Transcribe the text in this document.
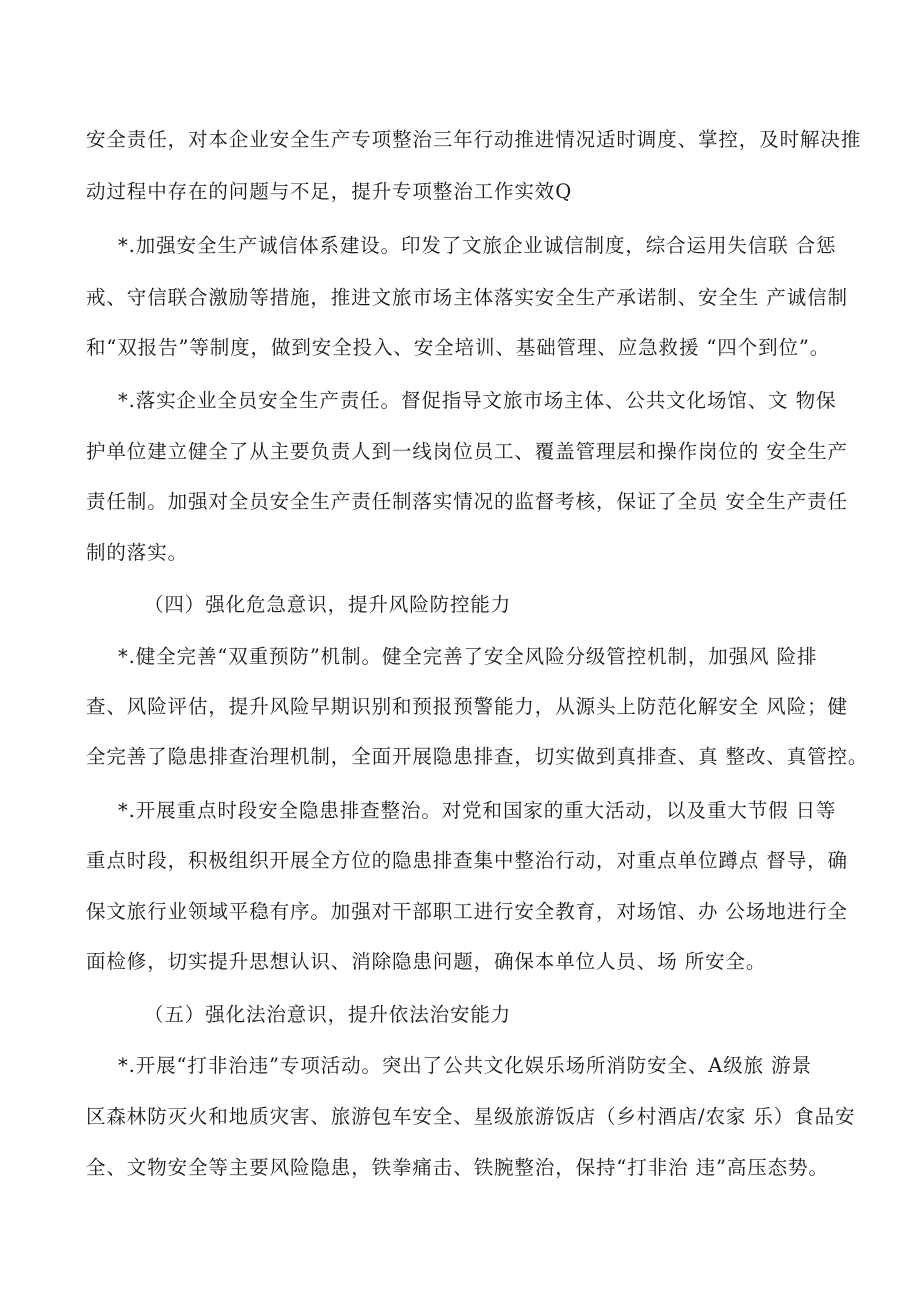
安全责任，对本企业安全生产专项整治三年行动推进情况适时调度、掌控，及时解决推
动过程中存在的问题与不足，提升专项整治工作实效Q
*.加强安全生产诚信体系建设。印发了文旅企业诚信制度，综合运用失信联 合惩
戒、守信联合激励等措施，推进文旅市场主体落实安全生产承诺制、安全生 产诚信制
和“双报告”等制度，做到安全投入、安全培训、基础管理、应急救援 “四个到位”。
*.落实企业全员安全生产责任。督促指导文旅市场主体、公共文化场馆、文 物保
护单位建立健全了从主要负责人到一线岗位员工、覆盖管理层和操作岗位的 安全生产
责任制。加强对全员安全生产责任制落实情况的监督考核，保证了全员 安全生产责任
制的落实。
（四）强化危急意识，提升风险防控能力
*.健全完善“双重预防”机制。健全完善了安全风险分级管控机制，加强风 险排
查、风险评估，提升风险早期识别和预报预警能力，从源头上防范化解安全 风险；健
全完善了隐患排查治理机制，全面开展隐患排查，切实做到真排查、真 整改、真管控。
*.开展重点时段安全隐患排查整治。对党和国家的重大活动，以及重大节假 日等
重点时段，积极组织开展全方位的隐患排查集中整治行动，对重点单位蹲点 督导，确
保文旅行业领域平稳有序。加强对干部职工进行安全教育，对场馆、办 公场地进行全
面检修，切实提升思想认识、消除隐患问题，确保本单位人员、场 所安全。
（五）强化法治意识，提升依法治安能力
*.开展“打非治违”专项活动。突出了公共文化娱乐场所消防安全、A级旅 游景
区森林防灭火和地质灾害、旅游包车安全、星级旅游饭店（乡村酒店/农家 乐）食品安
全、文物安全等主要风险隐患，铁拳痛击、铁腕整治，保持“打非治 违”高压态势。
